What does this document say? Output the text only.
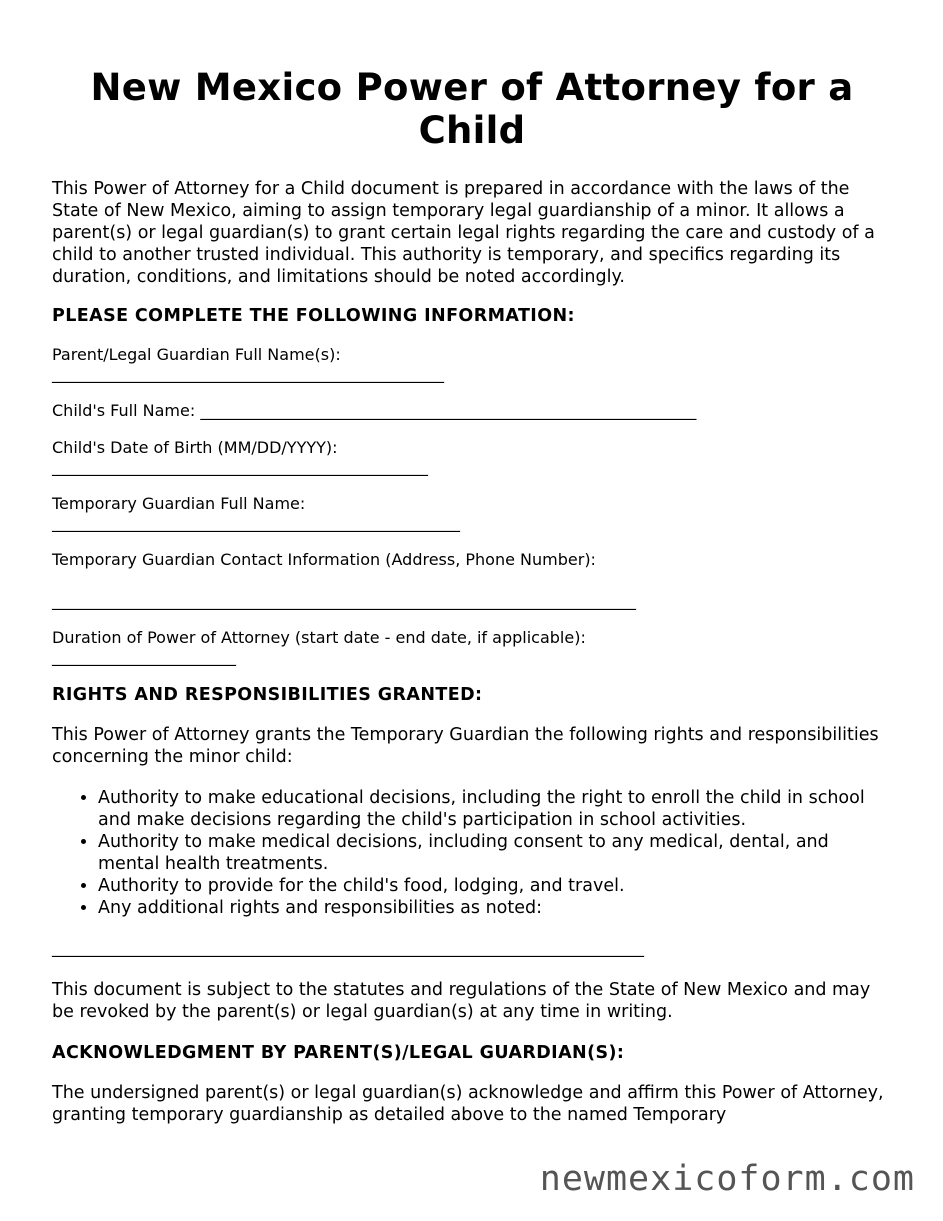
New Mexico Power of Attorney for a Child

This Power of Attorney for a Child document is prepared in accordance with the laws of the State of New Mexico, aiming to assign temporary legal guardianship of a minor. It allows a parent(s) or legal guardian(s) to grant certain legal rights regarding the care and custody of a child to another trusted individual. This authority is temporary, and specifics regarding its duration, conditions, and limitations should be noted accordingly.

PLEASE COMPLETE THE FOLLOWING INFORMATION:

Parent/Legal Guardian Full Name(s):
_________________________________________________
Child's Full Name: ______________________________________________________________
Child's Date of Birth (MM/DD/YYYY):
_______________________________________________
Temporary Guardian Full Name:
___________________________________________________
Temporary Guardian Contact Information (Address, Phone Number):
_________________________________________________________________________
Duration of Power of Attorney (start date - end date, if applicable):
_______________________

RIGHTS AND RESPONSIBILITIES GRANTED:

This Power of Attorney grants the Temporary Guardian the following rights and responsibilities concerning the minor child:

• Authority to make educational decisions, including the right to enroll the child in school and make decisions regarding the child's participation in school activities.
• Authority to make medical decisions, including consent to any medical, dental, and mental health treatments.
• Authority to provide for the child's food, lodging, and travel.
• Any additional rights and responsibilities as noted:
__________________________________________________________________________

This document is subject to the statutes and regulations of the State of New Mexico and may be revoked by the parent(s) or legal guardian(s) at any time in writing.

ACKNOWLEDGMENT BY PARENT(S)/LEGAL GUARDIAN(S):

The undersigned parent(s) or legal guardian(s) acknowledge and affirm this Power of Attorney, granting temporary guardianship as detailed above to the named Temporary

newmexicoform.com
